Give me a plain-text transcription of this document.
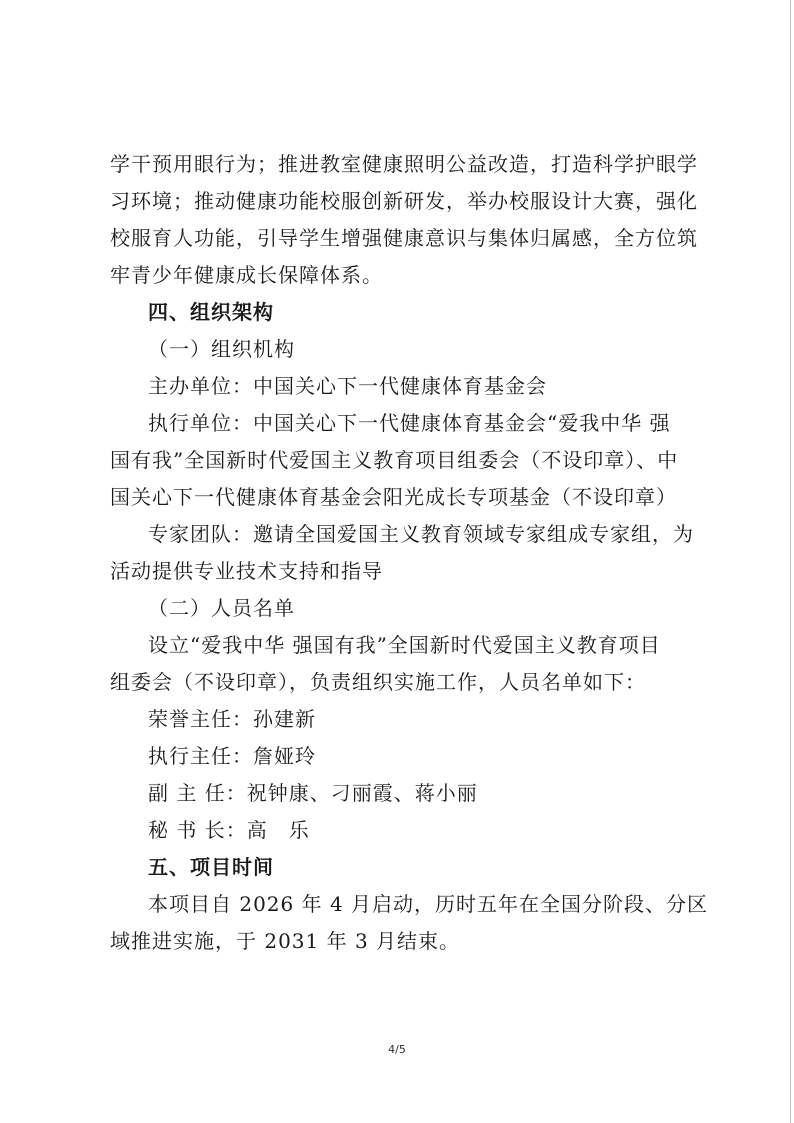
学干预用眼行为；推进教室健康照明公益改造，打造科学护眼学
习环境；推动健康功能校服创新研发，举办校服设计大赛，强化
校服育人功能，引导学生增强健康意识与集体归属感，全方位筑
牢青少年健康成长保障体系。
四、组织架构
（一）组织机构
主办单位：中国关心下一代健康体育基金会
执行单位：中国关心下一代健康体育基金会“爱我中华 强
国有我”全国新时代爱国主义教育项目组委会（不设印章）、中
国关心下一代健康体育基金会阳光成长专项基金（不设印章）
专家团队：邀请全国爱国主义教育领域专家组成专家组，为
活动提供专业技术支持和指导
（二）人员名单
设立“爱我中华 强国有我”全国新时代爱国主义教育项目
组委会（不设印章），负责组织实施工作，人员名单如下：
荣誉主任：孙建新
执行主任：詹娅玲
副 主 任：祝钟康、刁丽霞、蒋小丽
秘 书 长：高　乐
五、项目时间
本项目自 2026 年 4 月启动，历时五年在全国分阶段、分区
域推进实施，于 2031 年 3 月结束。
4/5
